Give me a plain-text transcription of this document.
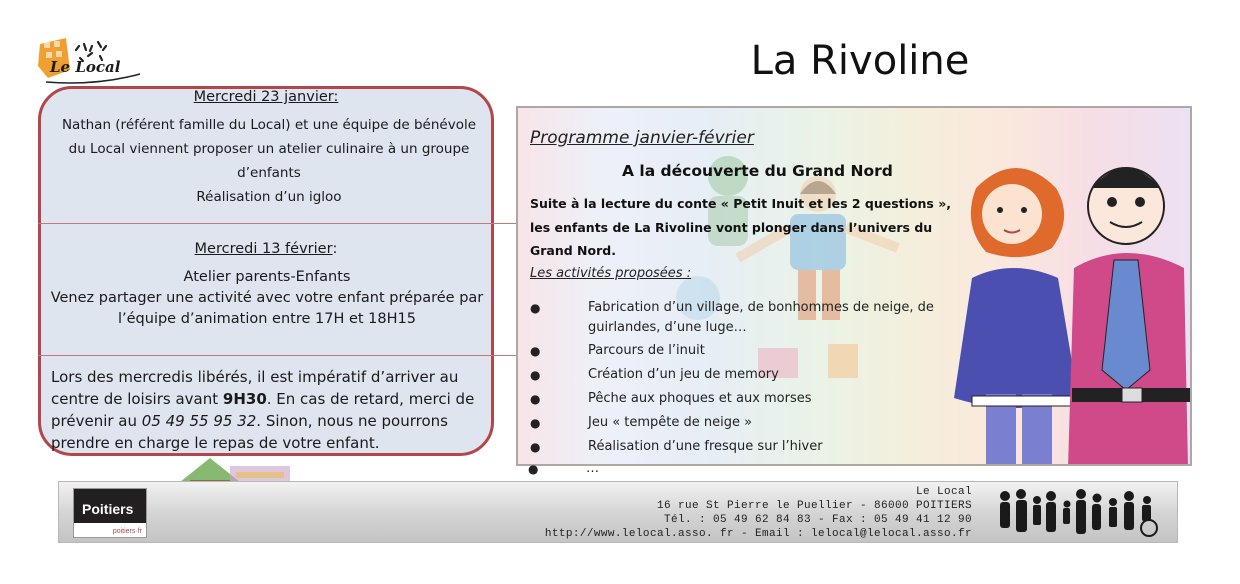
Le Local	La Rivoline
Mercredi 23 janvier:
Nathan (référent famille du Local) et une équipe de bénévole
du Local viennent proposer un atelier culinaire à un groupe
d’enfants
Réalisation d’un igloo
Mercredi 13 février:
Atelier parents-Enfants
Venez partager une activité avec votre enfant préparée par l’équipe d’animation entre 17H et 18H15
Lors des mercredis libérés, il est impératif d’arriver au centre de loisirs avant 9H30. En cas de retard, merci de prévenir au 05 49 55 95 32. Sinon, nous ne pourrons prendre en charge le repas de votre enfant.
Programme janvier-février
A la découverte du Grand Nord
Suite à la lecture du conte « Petit Inuit et les 2 questions », les enfants de La Rivoline vont plonger dans l’univers du Grand Nord.
Les activités proposées :
●	Fabrication d’un village, de bonhommes de neige, de guirlandes, d’une luge…
●	Parcours de l’inuit
●	Création d’un jeu de memory
●	Pêche aux phoques et aux morses
●	Jeu « tempête de neige »
●	Réalisation d’une fresque sur l’hiver
●	…
Poitiers
poitiers·fr
Le Local
16 rue St Pierre le Puellier - 86000 POITIERS
Tél. : 05 49 62 84 83 - Fax : 05 49 41 12 90
http://www.lelocal.asso. fr - Email : lelocal@lelocal.asso.fr
